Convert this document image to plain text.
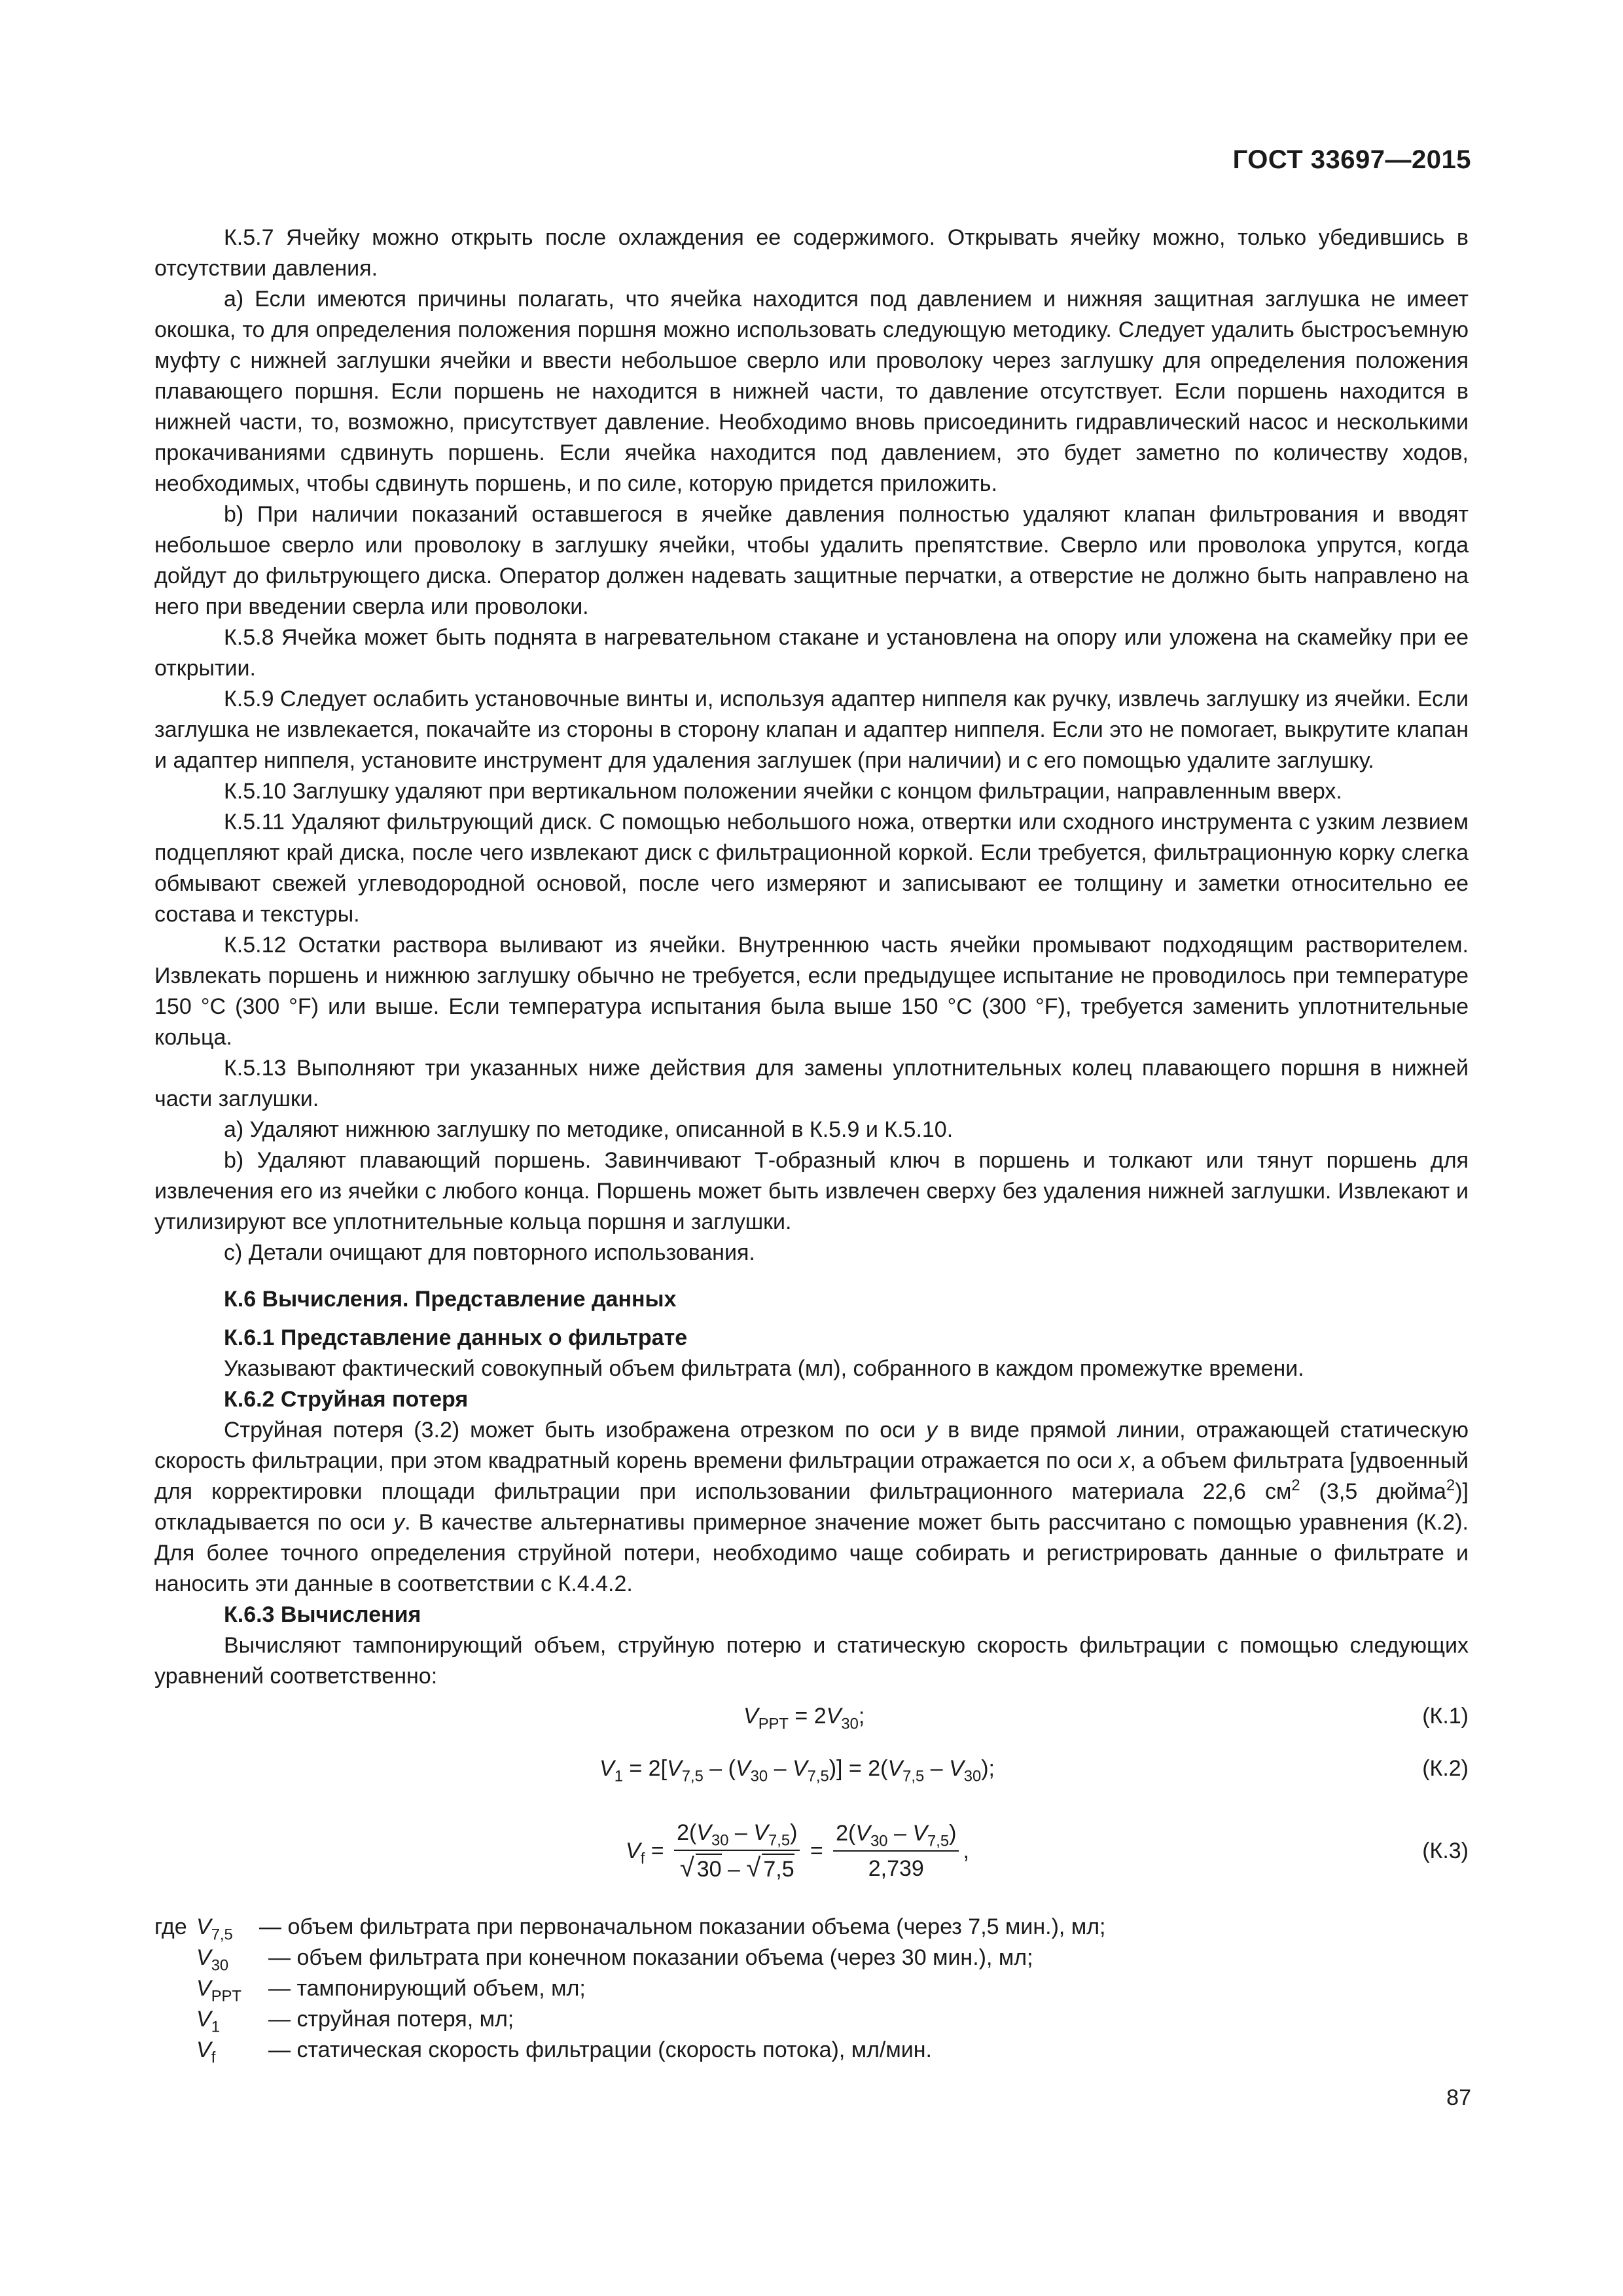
ГОСТ 33697—2015

К.5.7 Ячейку можно открыть после охлаждения ее содержимого. Открывать ячейку можно, только убедившись в отсутствии давления.

a) Если имеются причины полагать, что ячейка находится под давлением и нижняя защитная заглушка не имеет окошка, то для определения положения поршня можно использовать следующую методику. Следует удалить быстросъемную муфту с нижней заглушки ячейки и ввести небольшое сверло или проволоку через заглушку для определения положения плавающего поршня. Если поршень не находится в нижней части, то давление отсутствует. Если поршень находится в нижней части, то, возможно, присутствует давление. Необходимо вновь присоединить гидравлический насос и несколькими прокачиваниями сдвинуть поршень. Если ячейка находится под давлением, это будет заметно по количеству ходов, необходимых, чтобы сдвинуть поршень, и по силе, которую придется приложить.

b) При наличии показаний оставшегося в ячейке давления полностью удаляют клапан фильтрования и вводят небольшое сверло или проволоку в заглушку ячейки, чтобы удалить препятствие. Сверло или проволока упрутся, когда дойдут до фильтрующего диска. Оператор должен надевать защитные перчатки, а отверстие не должно быть направлено на него при введении сверла или проволоки.

К.5.8 Ячейка может быть поднята в нагревательном стакане и установлена на опору или уложена на скамейку при ее открытии.

К.5.9 Следует ослабить установочные винты и, используя адаптер ниппеля как ручку, извлечь заглушку из ячейки. Если заглушка не извлекается, покачайте из стороны в сторону клапан и адаптер ниппеля. Если это не помогает, выкрутите клапан и адаптер ниппеля, установите инструмент для удаления заглушек (при наличии) и с его помощью удалите заглушку.

К.5.10 Заглушку удаляют при вертикальном положении ячейки с концом фильтрации, направленным вверх.

К.5.11 Удаляют фильтрующий диск. С помощью небольшого ножа, отвертки или сходного инструмента с узким лезвием подцепляют край диска, после чего извлекают диск с фильтрационной коркой. Если требуется, фильтрационную корку слегка обмывают свежей углеводородной основой, после чего измеряют и записывают ее толщину и заметки относительно ее состава и текстуры.

К.5.12 Остатки раствора выливают из ячейки. Внутреннюю часть ячейки промывают подходящим растворителем. Извлекать поршень и нижнюю заглушку обычно не требуется, если предыдущее испытание не проводилось при температуре 150 °С (300 °F) или выше. Если температура испытания была выше 150 °С (300 °F), требуется заменить уплотнительные кольца.

К.5.13 Выполняют три указанных ниже действия для замены уплотнительных колец плавающего поршня в нижней части заглушки.

a) Удаляют нижнюю заглушку по методике, описанной в К.5.9 и К.5.10.

b) Удаляют плавающий поршень. Завинчивают Т-образный ключ в поршень и толкают или тянут поршень для извлечения его из ячейки с любого конца. Поршень может быть извлечен сверху без удаления нижней заглушки. Извлекают и утилизируют все уплотнительные кольца поршня и заглушки.

c) Детали очищают для повторного использования.

К.6 Вычисления. Представление данных

К.6.1 Представление данных о фильтрате

Указывают фактический совокупный объем фильтрата (мл), собранного в каждом промежутке времени.

К.6.2 Струйная потеря

Струйная потеря (3.2) может быть изображена отрезком по оси y в виде прямой линии, отражающей статическую скорость фильтрации, при этом квадратный корень времени фильтрации отражается по оси x, а объем фильтрата [удвоенный для корректировки площади фильтрации при использовании фильтрационного материала 22,6 $см^2$ (3,5 дюйма$^2$)] откладывается по оси y. В качестве альтернативы примерное значение может быть рассчитано с помощью уравнения (К.2). Для более точного определения струйной потери, необходимо чаще собирать и регистрировать данные о фильтрате и наносить эти данные в соответствии с К.4.4.2.

К.6.3 Вычисления

Вычисляют тампонирующий объем, струйную потерю и статическую скорость фильтрации с помощью следующих уравнений соответственно:

$V_{PPT} = 2V_{30}$;	(К.1)
$V_1 = 2[V_{7,5} - (V_{30} - V_{7,5})] = 2(V_{7,5} - V_{30})$;	(К.2)
$V_f = \frac{2(V_{30} - V_{7,5})}{√ 30 - √ 7,5} = \frac{2(V_{30} - V_{7,5})}{2,739}$ ,	(К.3)
где $V_{7,5}$	— объем фильтрата при первоначальном показании объема (через 7,5 мин.), мл;
$V_{30}$	— объем фильтрата при конечном показании объема (через 30 мин.), мл;
$V_{PPT}$	— тампонирующий объем, мл;
$V_1$	— струйная потеря, мл;
$V_f$	— статическая скорость фильтрации (скорость потока), мл/мин.
87
